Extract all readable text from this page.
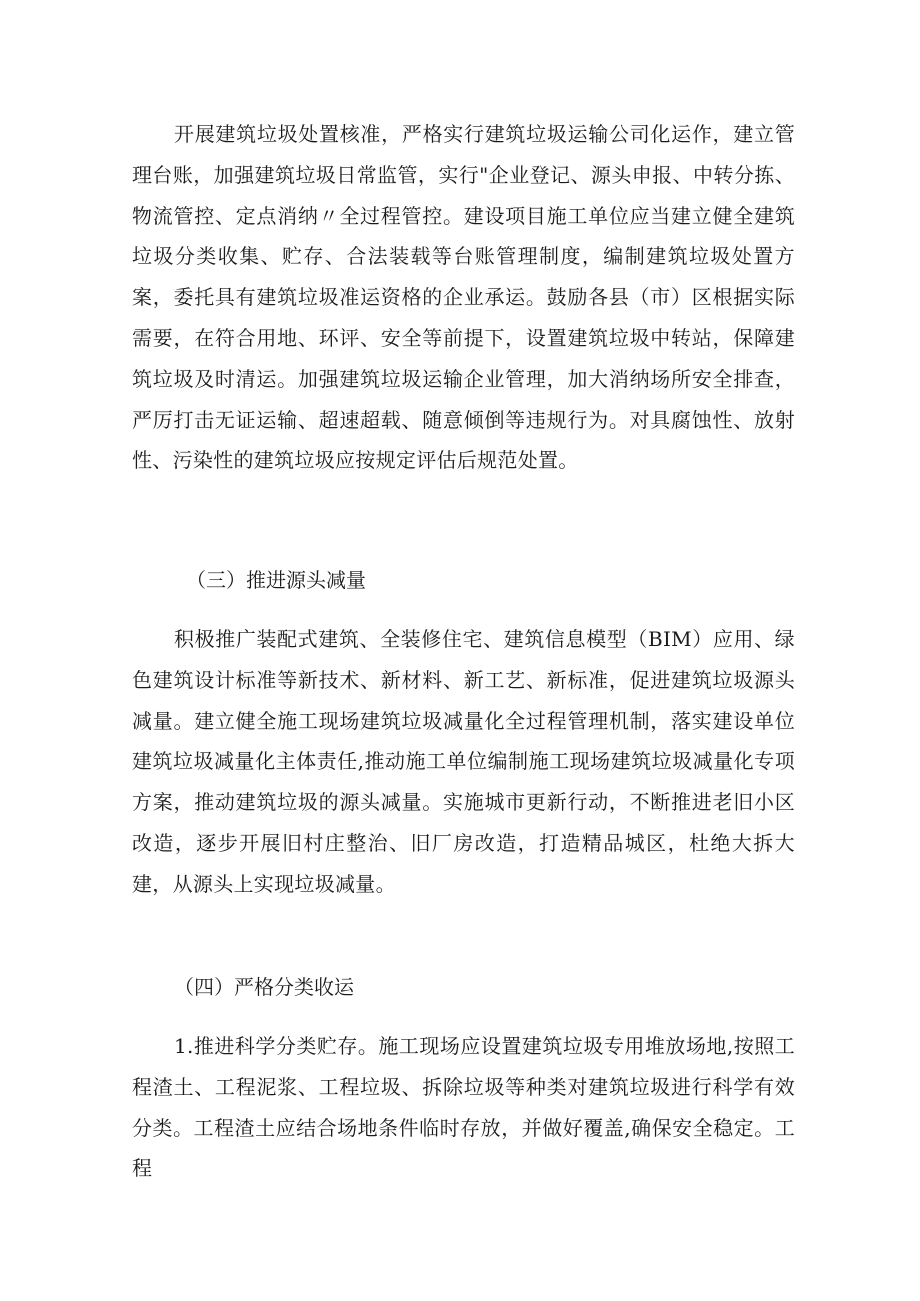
开展建筑垃圾处置核准，严格实行建筑垃圾运输公司化运作，建立管理台账，加强建筑垃圾日常监管，实行"企业登记、源头申报、中转分拣、物流管控、定点消纳〃全过程管控。建设项目施工单位应当建立健全建筑垃圾分类收集、贮存、合法装载等台账管理制度，编制建筑垃圾处置方案，委托具有建筑垃圾准运资格的企业承运。鼓励各县（市）区根据实际需要，在符合用地、环评、安全等前提下，设置建筑垃圾中转站，保障建筑垃圾及时清运。加强建筑垃圾运输企业管理，加大消纳场所安全排查，严厉打击无证运输、超速超载、随意倾倒等违规行为。对具腐蚀性、放射性、污染性的建筑垃圾应按规定评估后规范处置。

（三）推进源头减量

积极推广装配式建筑、全装修住宅、建筑信息模型（BIM）应用、绿色建筑设计标准等新技术、新材料、新工艺、新标准，促进建筑垃圾源头减量。建立健全施工现场建筑垃圾减量化全过程管理机制，落实建设单位建筑垃圾减量化主体责任,推动施工单位编制施工现场建筑垃圾减量化专项方案，推动建筑垃圾的源头减量。实施城市更新行动，不断推进老旧小区改造，逐步开展旧村庄整治、旧厂房改造，打造精品城区，杜绝大拆大建，从源头上实现垃圾减量。

（四）严格分类收运

1.推进科学分类贮存。施工现场应设置建筑垃圾专用堆放场地,按照工程渣土、工程泥浆、工程垃圾、拆除垃圾等种类对建筑垃圾进行科学有效分类。工程渣土应结合场地条件临时存放，并做好覆盖,确保安全稳定。工程
